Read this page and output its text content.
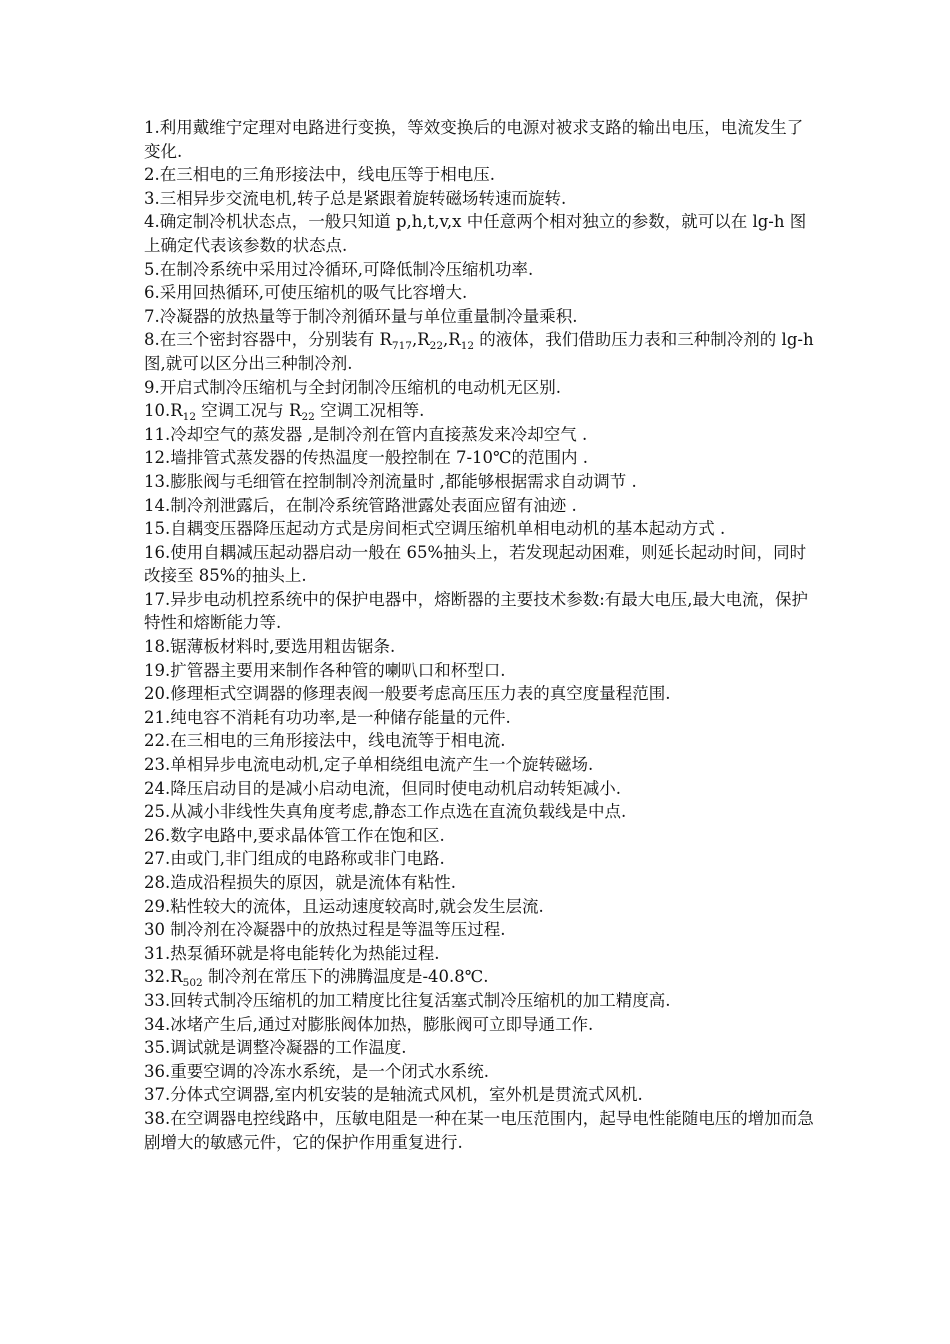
1.利用戴维宁定理对电路进行变换，等效变换后的电源对被求支路的输出电压，电流发生了变化.

2.在三相电的三角形接法中，线电压等于相电压.

3.三相异步交流电机,转子总是紧跟着旋转磁场转速而旋转.

4.确定制冷机状态点，一般只知道 p,h,t,v,x 中任意两个相对独立的参数，就可以在 lg-h 图上确定代表该参数的状态点.

5.在制冷系统中采用过冷循环,可降低制冷压缩机功率.

6.采用回热循环,可使压缩机的吸气比容增大.

7.冷凝器的放热量等于制冷剂循环量与单位重量制冷量乘积.

8.在三个密封容器中，分别装有 $R_{717},R_{22},R_{12}$ 的液体，我们借助压力表和三种制冷剂的 lg-h 图,就可以区分出三种制冷剂.

9.开启式制冷压缩机与全封闭制冷压缩机的电动机无区别.

$10.R_{12}$ 空调工况与 $R_{22}$ 空调工况相等.

11.冷却空气的蒸发器 ,是制冷剂在管内直接蒸发来冷却空气 .

12.墙排管式蒸发器的传热温度一般控制在 7-10℃的范围内 .

13.膨胀阀与毛细管在控制制冷剂流量时 ,都能够根据需求自动调节 .

14.制冷剂泄露后，在制冷系统管路泄露处表面应留有油迹 .

15.自耦变压器降压起动方式是房间柜式空调压缩机单相电动机的基本起动方式 .

16.使用自耦减压起动器启动一般在 65%抽头上，若发现起动困难，则延长起动时间，同时改接至 85%的抽头上.

17.异步电动机控系统中的保护电器中，熔断器的主要技术参数:有最大电压,最大电流，保护特性和熔断能力等.

18.锯薄板材料时,要选用粗齿锯条.

19.扩管器主要用来制作各种管的喇叭口和杯型口.

20.修理柜式空调器的修理表阀一般要考虑高压压力表的真空度量程范围.

21.纯电容不消耗有功功率,是一种储存能量的元件.

22.在三相电的三角形接法中，线电流等于相电流.

23.单相异步电流电动机,定子单相绕组电流产生一个旋转磁场.

24.降压启动目的是减小启动电流，但同时使电动机启动转矩减小.

25.从减小非线性失真角度考虑,静态工作点选在直流负载线是中点.

26.数字电路中,要求晶体管工作在饱和区.

27.由或门,非门组成的电路称或非门电路.

28.造成沿程损失的原因，就是流体有粘性.

29.粘性较大的流体，且运动速度较高时,就会发生层流.

30 制冷剂在冷凝器中的放热过程是等温等压过程.

31.热泵循环就是将电能转化为热能过程.

$32.R_{502}$ 制冷剂在常压下的沸腾温度是-40.8℃.

33.回转式制冷压缩机的加工精度比往复活塞式制冷压缩机的加工精度高.

34.冰堵产生后,通过对膨胀阀体加热，膨胀阀可立即导通工作.

35.调试就是调整冷凝器的工作温度.

36.重要空调的冷冻水系统，是一个闭式水系统.

37.分体式空调器,室内机安装的是轴流式风机，室外机是贯流式风机.

38.在空调器电控线路中，压敏电阻是一种在某一电压范围内，起导电性能随电压的增加而急剧增大的敏感元件，它的保护作用重复进行.
